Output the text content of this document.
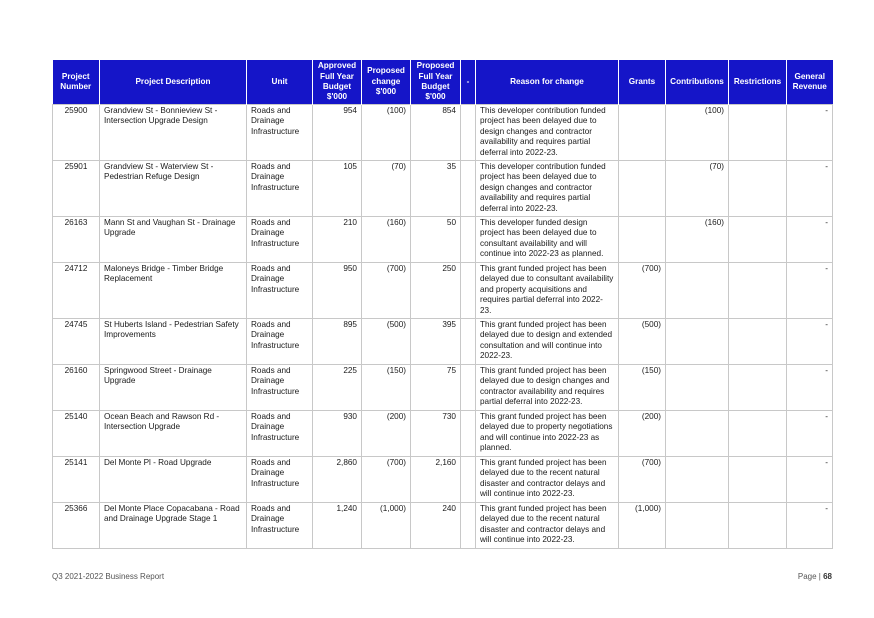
Project Number	Project Description	Unit	Approved Full Year Budget $'000	Proposed change $'000	Proposed Full Year Budget $'000	-	Reason for change	Grants	Contributions	Restrictions	General Revenue
25900	Grandview St - Bonnieview St - Intersection Upgrade Design	Roads and Drainage Infrastructure	954	(100)	854		This developer contribution funded project has been delayed due to design changes and contractor availability and requires partial deferral into 2022-23.		(100)		-
25901	Grandview St - Waterview St - Pedestrian Refuge Design	Roads and Drainage Infrastructure	105	(70)	35		This developer contribution funded project has been delayed due to design changes and contractor availability and requires partial deferral into 2022-23.		(70)		-
26163	Mann St and Vaughan St - Drainage Upgrade	Roads and Drainage Infrastructure	210	(160)	50		This developer funded design project has been delayed due to consultant availability and will continue into 2022-23 as planned.		(160)		-
24712	Maloneys Bridge - Timber Bridge Replacement	Roads and Drainage Infrastructure	950	(700)	250		This grant funded project has been delayed due to consultant availability and property acquisitions and requires partial deferral into 2022-23.	(700)			-
24745	St Huberts Island - Pedestrian Safety Improvements	Roads and Drainage Infrastructure	895	(500)	395		This grant funded project has been delayed due to design and extended consultation and will continue into 2022-23.	(500)			-
26160	Springwood Street - Drainage Upgrade	Roads and Drainage Infrastructure	225	(150)	75		This grant funded project has been delayed due to design changes and contractor availability and requires partial deferral into 2022-23.	(150)			-
25140	Ocean Beach and Rawson Rd - Intersection Upgrade	Roads and Drainage Infrastructure	930	(200)	730		This grant funded project has been delayed due to property negotiations and will continue into 2022-23 as planned.	(200)			-
25141	Del Monte Pl - Road Upgrade	Roads and Drainage Infrastructure	2,860	(700)	2,160		This grant funded project has been delayed due to the recent natural disaster and contractor delays and will continue into 2022-23.	(700)			-
25366	Del Monte Place Copacabana - Road and Drainage Upgrade Stage 1	Roads and Drainage Infrastructure	1,240	(1,000)	240		This grant funded project has been delayed due to the recent natural disaster and contractor delays and will continue into 2022-23.	(1,000)			-
Q3 2021-2022 Business Report	Page | 68
